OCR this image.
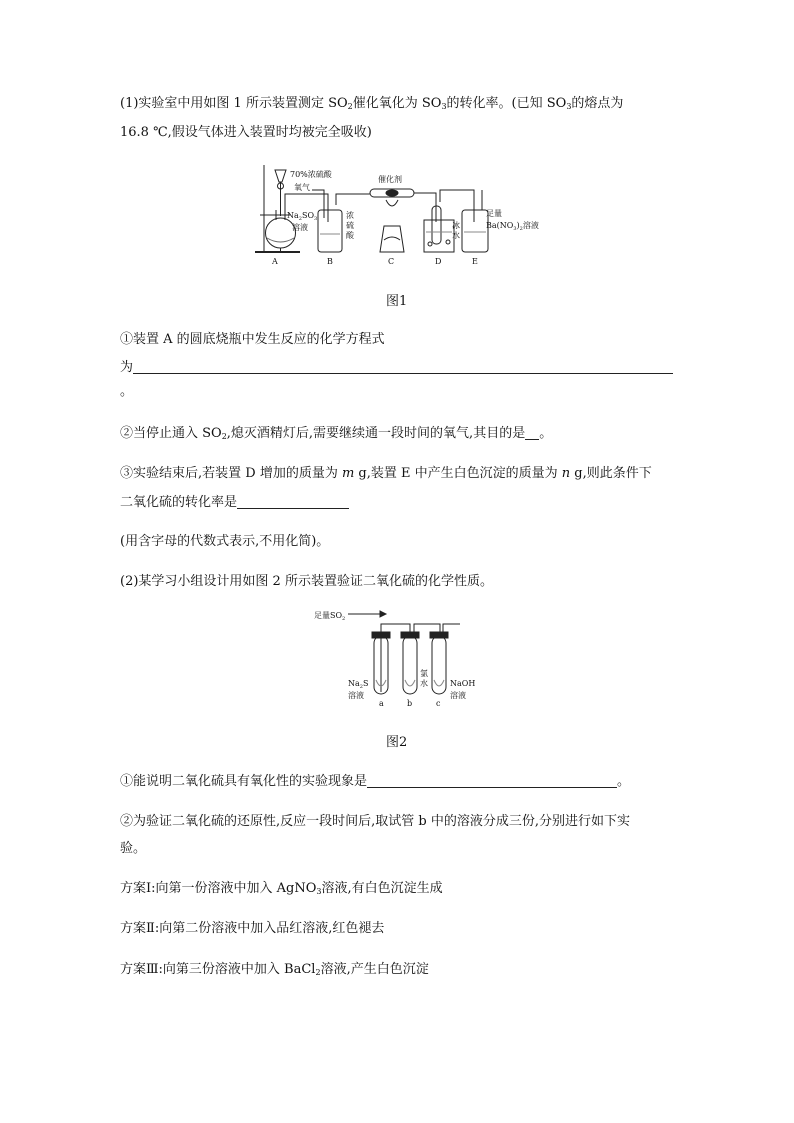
(1)实验室中用如图 1 所示装置测定 $SO_2$催化氧化为 $SO_3$的转化率。(已知 $SO_3$的熔点为
16.8 ℃,假设气体进入装置时均被完全吸收)
70%浓硫酸
氧气
$Na_2SO_3$
溶液
浓
硫
酸
催化剂
冰
水
足量
$Ba(NO_3)_2$溶液
A	B	C	D	E
图1
①装置 A 的圆底烧瓶中发生反应的化学方程式
为
。
②当停止通入 $SO_2$,熄灭酒精灯后,需要继续通一段时间的氧气,其目的是 。
③实验结束后,若装置 D 增加的质量为 m g,装置 E 中产生白色沉淀的质量为 n g,则此条件下
二氧化硫的转化率是
(用含字母的代数式表示,不用化简)。
(2)某学习小组设计用如图 2 所示装置验证二氧化硫的化学性质。
足量$SO_2$
$Na_2S$
溶液
氯
水	NaOH
溶液
a	b	c
图2
①能说明二氧化硫具有氧化性的实验现象是	。
②为验证二氧化硫的还原性,反应一段时间后,取试管 b 中的溶液分成三份,分别进行如下实
验。
方案Ⅰ:向第一份溶液中加入 AgNO$_3$溶液,有白色沉淀生成
方案Ⅱ:向第二份溶液中加入品红溶液,红色褪去
方案Ⅲ:向第三份溶液中加入 BaCl$_2$溶液,产生白色沉淀
